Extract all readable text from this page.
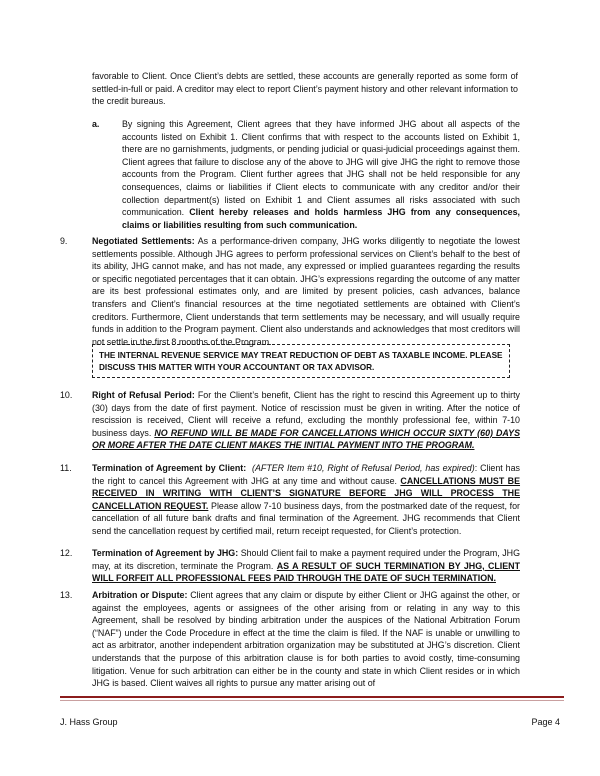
favorable to Client. Once Client’s debts are settled, these accounts are generally reported as some form of settled-in-full or paid. A creditor may elect to report Client’s payment history and other relevant information to the credit bureaus.

a.	By signing this Agreement, Client agrees that they have informed JHG about all aspects of the accounts listed on Exhibit 1. Client confirms that with respect to the accounts listed on Exhibit 1, there are no garnishments, judgments, or pending judicial or quasi-judicial proceedings against them. Client agrees that failure to disclose any of the above to JHG will give JHG the right to remove those accounts from the Program. Client further agrees that JHG shall not be held responsible for any consequences, claims or liabilities if Client elects to communicate with any creditor and/or their collection department(s) listed on Exhibit 1 and Client assumes all risks associated with such communication. Client hereby releases and holds harmless JHG from any consequences, claims or liabilities resulting from such communication.
9.	Negotiated Settlements: As a performance-driven company, JHG works diligently to negotiate the lowest settlements possible. Although JHG agrees to perform professional services on Client’s behalf to the best of its ability, JHG cannot make, and has not made, any expressed or implied guarantees regarding the results or specific negotiated percentages that it can obtain. JHG’s expressions regarding the outcome of any matter are its best professional estimates only, and are limited by present policies, cash advances, balance transfers and Client’s financial resources at the time negotiated settlements are obtained with Client’s creditors. Furthermore, Client understands that term settlements may be necessary, and will usually require funds in addition to the Program payment. Client also understands and acknowledges that most creditors will not settle in the first 8 months of the Program.
THE INTERNAL REVENUE SERVICE MAY TREAT REDUCTION OF DEBT AS TAXABLE INCOME. PLEASE DISCUSS THIS MATTER WITH YOUR ACCOUNTANT OR TAX ADVISOR.
10. Right of Refusal Period: For the Client’s benefit, Client has the right to rescind this Agreement up to thirty (30) days from the date of first payment. Notice of rescission must be given in writing. After the notice of rescission is received, Client will receive a refund, excluding the monthly professional fee, within 7-10 business days. NO REFUND WILL BE MADE FOR CANCELLATIONS WHICH OCCUR SIXTY (60) DAYS OR MORE AFTER THE DATE CLIENT MAKES THE INITIAL PAYMENT INTO THE PROGRAM.
11. Termination of Agreement by Client: (AFTER Item #10, Right of Refusal Period, has expired): Client has the right to cancel this Agreement with JHG at any time and without cause. CANCELLATIONS MUST BE RECEIVED IN WRITING WITH CLIENT’S SIGNATURE BEFORE JHG WILL PROCESS THE CANCELLATION REQUEST. Please allow 7-10 business days, from the postmarked date of the request, for cancellation of all future bank drafts and final termination of the Agreement. JHG recommends that Client send the cancellation request by certified mail, return receipt requested, for Client’s protection.
12. Termination of Agreement by JHG: Should Client fail to make a payment required under the Program, JHG may, at its discretion, terminate the Program. AS A RESULT OF SUCH TERMINATION BY JHG, CLIENT WILL FORFEIT ALL PROFESSIONAL FEES PAID THROUGH THE DATE OF SUCH TERMINATION.
13. Arbitration or Dispute: Client agrees that any claim or dispute by either Client or JHG against the other, or against the employees, agents or assignees of the other arising from or relating in any way to this Agreement, shall be resolved by binding arbitration under the auspices of the National Arbitration Forum (“NAF”) under the Code Procedure in effect at the time the claim is filed. If the NAF is unable or unwilling to act as arbitrator, another independent arbitration organization may be substituted at JHG’s discretion. Client understands that the purpose of this arbitration clause is for both parties to avoid costly, time-consuming litigation. Venue for such arbitration can either be in the county and state in which Client resides or in which JHG is based. Client waives all rights to pursue any matter arising out of
J. Hass Group	Page 4
